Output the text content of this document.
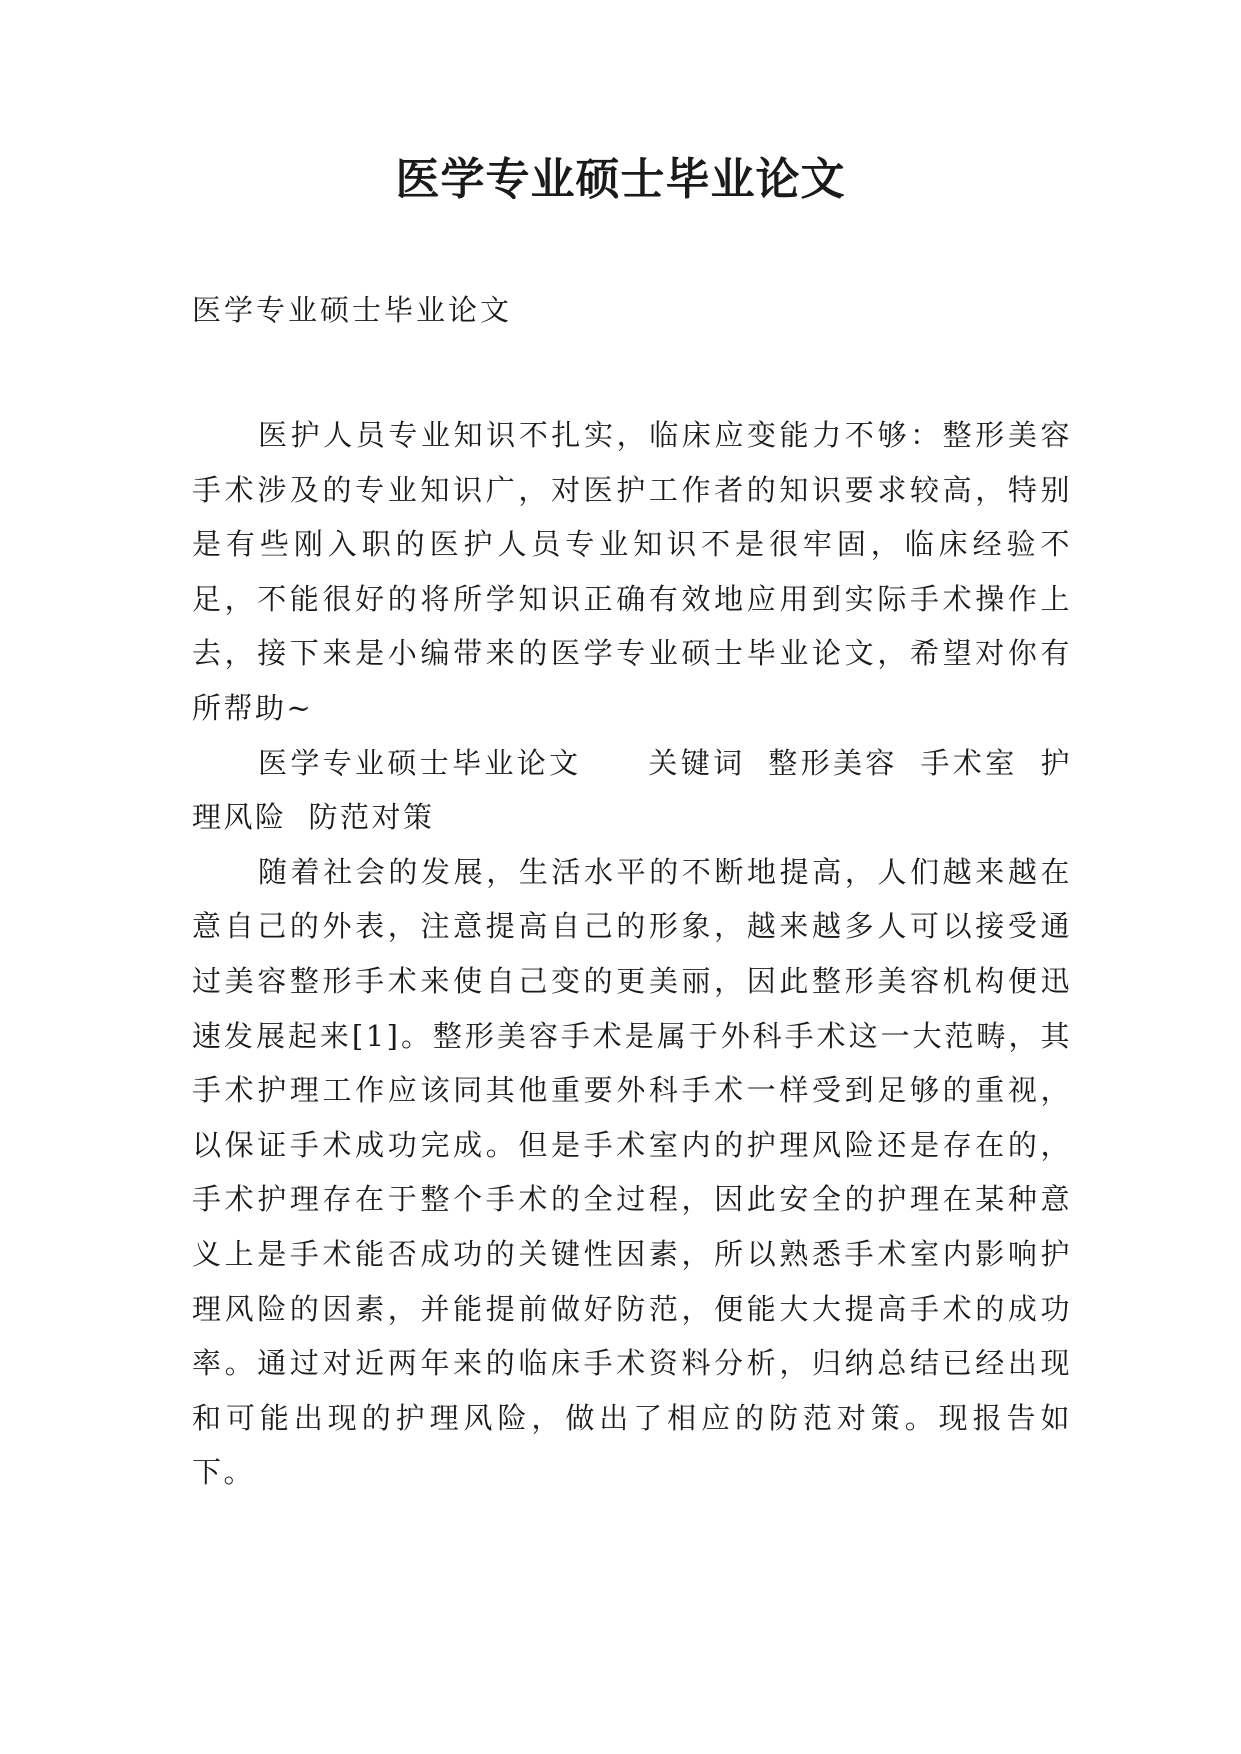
医学专业硕士毕业论文

医学专业硕士毕业论文

医护人员专业知识不扎实，临床应变能力不够：整形美容手术涉及的专业知识广，对医护工作者的知识要求较高，特别是有些刚入职的医护人员专业知识不是很牢固，临床经验不足，不能很好的将所学知识正确有效地应用到实际手术操作上去，接下来是小编带来的医学专业硕士毕业论文，希望对你有所帮助~

医学专业硕士毕业论文 关键词 整形美容 手术室 护理风险 防范对策

随着社会的发展，生活水平的不断地提高，人们越来越在意自己的外表，注意提高自己的形象，越来越多人可以接受通过美容整形手术来使自己变的更美丽，因此整形美容机构便迅速发展起来[1]。整形美容手术是属于外科手术这一大范畴，其手术护理工作应该同其他重要外科手术一样受到足够的重视，以保证手术成功完成。但是手术室内的护理风险还是存在的，手术护理存在于整个手术的全过程，因此安全的护理在某种意义上是手术能否成功的关键性因素，所以熟悉手术室内影响护理风险的因素，并能提前做好防范，便能大大提高手术的成功率。通过对近两年来的临床手术资料分析，归纳总结已经出现和可能出现的护理风险，做出了相应的防范对策。现报告如下。
